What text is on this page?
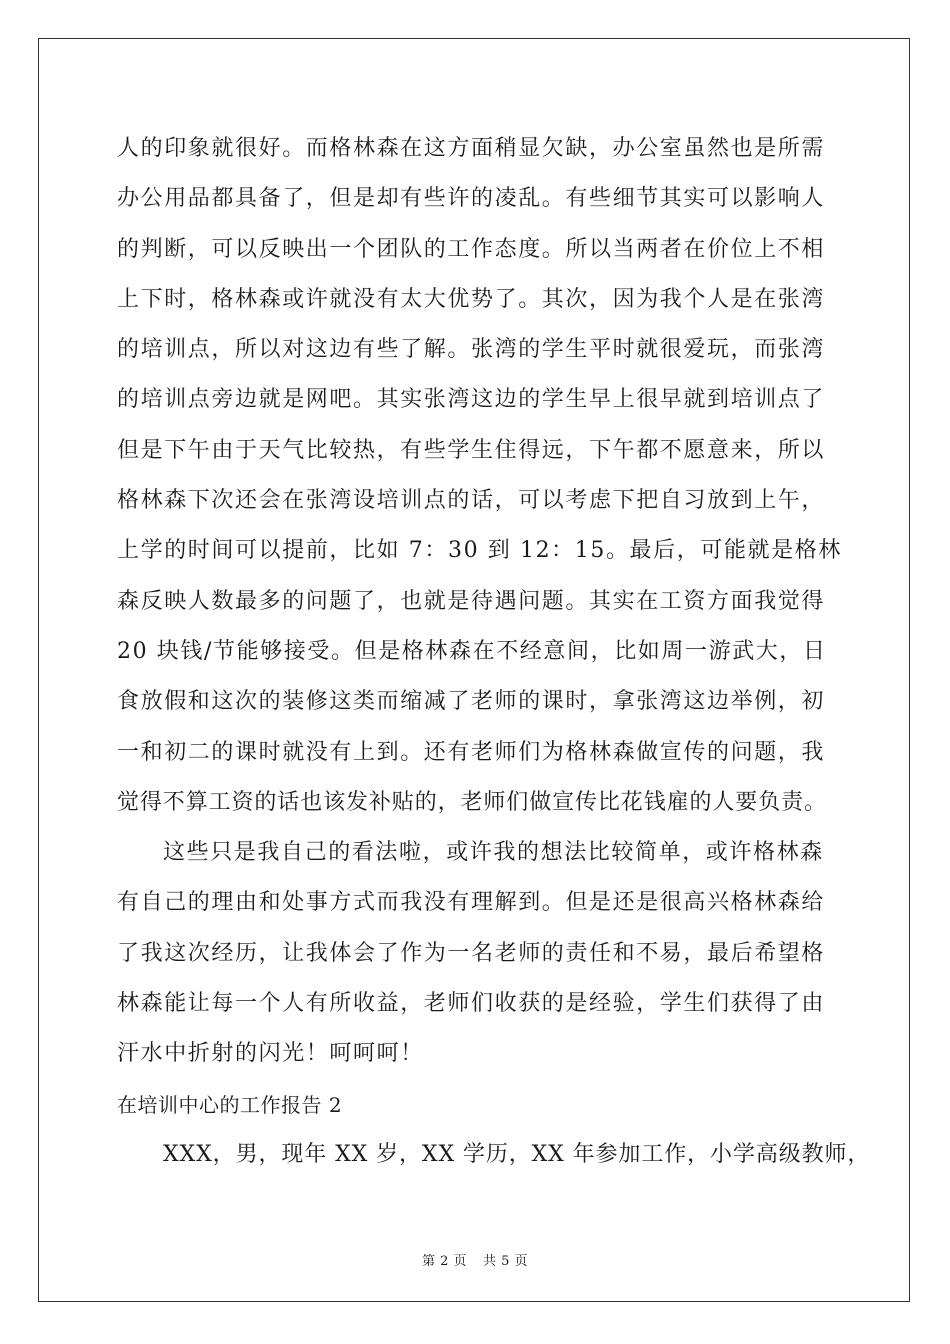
人的印象就很好。而格林森在这方面稍显欠缺，办公室虽然也是所需
办公用品都具备了，但是却有些许的凌乱。有些细节其实可以影响人
的判断，可以反映出一个团队的工作态度。所以当两者在价位上不相
上下时，格林森或许就没有太大优势了。其次，因为我个人是在张湾
的培训点，所以对这边有些了解。张湾的学生平时就很爱玩，而张湾
的培训点旁边就是网吧。其实张湾这边的学生早上很早就到培训点了
但是下午由于天气比较热，有些学生住得远，下午都不愿意来，所以
格林森下次还会在张湾设培训点的话，可以考虑下把自习放到上午，
上学的时间可以提前，比如 7：30 到 12：15。最后，可能就是格林
森反映人数最多的问题了，也就是待遇问题。其实在工资方面我觉得
20 块钱/节能够接受。但是格林森在不经意间，比如周一游武大，日
食放假和这次的装修这类而缩减了老师的课时，拿张湾这边举例，初
一和初二的课时就没有上到。还有老师们为格林森做宣传的问题，我
觉得不算工资的话也该发补贴的，老师们做宣传比花钱雇的人要负责。
这些只是我自己的看法啦，或许我的想法比较简单，或许格林森
有自己的理由和处事方式而我没有理解到。但是还是很高兴格林森给
了我这次经历，让我体会了作为一名老师的责任和不易，最后希望格
林森能让每一个人有所收益，老师们收获的是经验，学生们获得了由
汗水中折射的闪光！呵呵呵！
在培训中心的工作报告 2
XXX，男，现年 XX 岁，XX 学历，XX 年参加工作，小学高级教师，
第 2 页 共 5 页
